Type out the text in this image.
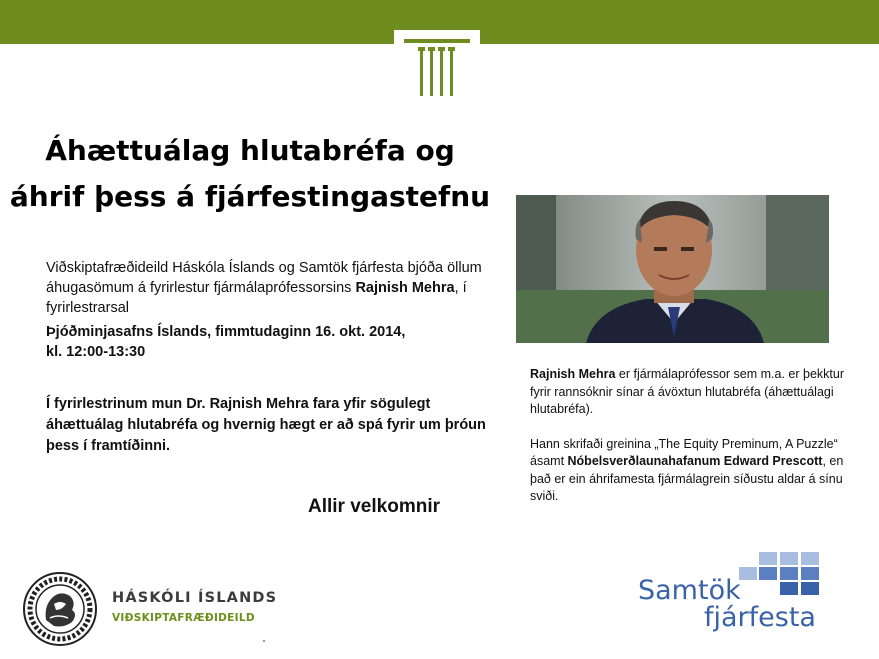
Áhættuálag hlutabréfa og
áhrif þess á fjárfestingastefnu
Viðskiptafræðideild Háskóla Íslands og Samtök fjárfesta bjóða öllum áhugasömum á fyrirlestur fjármálaprófessorsins Rajnish Mehra, í fyrirlestrarsal
Þjóðminjasafns Íslands, fimmtudaginn 16. okt. 2014,
kl. 12:00-13:30
Í fyrirlestrinum mun Dr. Rajnish Mehra fara yfir sögulegt áhættuálag hlutabréfa og hvernig hægt er að spá fyrir um þróun þess í framtíðinni.
Allir velkomnir

Rajnish Mehra er fjármálaprófessor sem m.a. er þekktur fyrir rannsóknir sínar á ávöxtun hlutabréfa (áhættuálagi hlutabréfa).

Hann skrifaði greinina „The Equity Preminum, A Puzzle“ ásamt Nóbelsverðlaunahafanum Edward Prescott, en það er ein áhrifamesta fjármálagrein síðustu aldar á sínu sviði.

HÁSKÓLI ÍSLANDS
VIÐSKIPTAFRÆÐIDEILD
Samtök
fjárfesta
